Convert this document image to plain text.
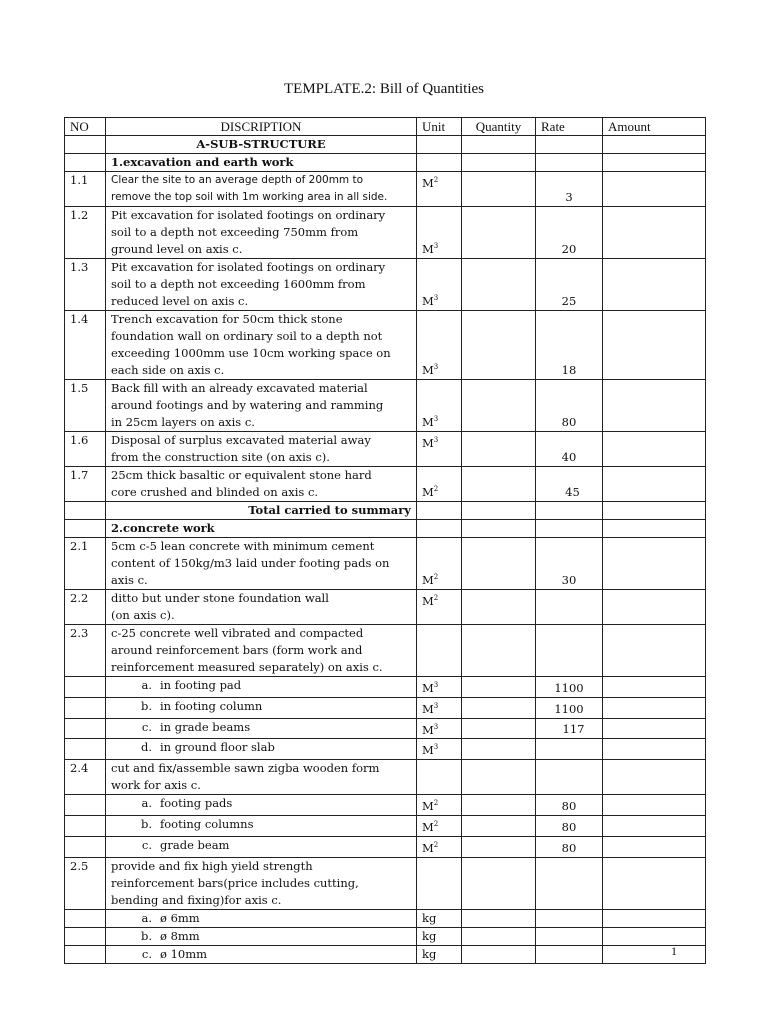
TEMPLATE.2: Bill of Quantities
NO	DISCRIPTION	Unit	Quantity	Rate	Amount
	A-SUB-STRUCTURE				
	1.excavation and earth work				
1.1	Clear the site to an average depth of 200mm to
remove the top soil with 1m working area in all side.	$M^2$		3	
1.2	Pit excavation for isolated footings on ordinary
soil to a depth not exceeding 750mm from
ground level on axis c.	$M^3$		20	
1.3	Pit excavation for isolated footings on ordinary
soil to a depth not exceeding 1600mm from
reduced level on axis c.	$M^3$		25	
1.4	Trench excavation for 50cm thick stone
foundation wall on ordinary soil to a depth not
exceeding 1000mm use 10cm working space on
each side on axis c.	$M^3$		18	
1.5	Back fill with an already excavated material
around footings and by watering and ramming
in 25cm layers on axis c.	$M^3$		80	
1.6	Disposal of surplus excavated material away
from the construction site (on axis c).	$M^3$		40	
1.7	25cm thick basaltic or equivalent stone hard
core crushed and blinded on axis c.	$M^2$		45	
	Total carried to summary				
	2.concrete work				
2.1	5cm c-5 lean concrete with minimum cement
content of 150kg/m3 laid under footing pads on
axis c.	$M^2$		30	
2.2	ditto but under stone foundation wall
(on axis c).	$M^2$			
2.3	c-25 concrete well vibrated and compacted
around reinforcement bars (form work and
reinforcement measured separately) on axis c.				

	a. in footing pad	$M^3$		1100	
	b. in footing column	$M^3$		1100	
	c. in grade beams	$M^3$		117	
	d. in ground floor slab	$M^3$			
2.4	cut and fix/assemble sawn zigba wooden form
work for axis c.				

	a. footing pads	$M^2$		80	
	b. footing columns	$M^2$		80	
	c. grade beam	$M^2$		80	
2.5	provide and fix high yield strength
reinforcement bars(price includes cutting,
bending and fixing)for axis c.				

	a. ø 6mm	kg			
	b. ø 8mm	kg			
	c. ø 10mm	kg				1
